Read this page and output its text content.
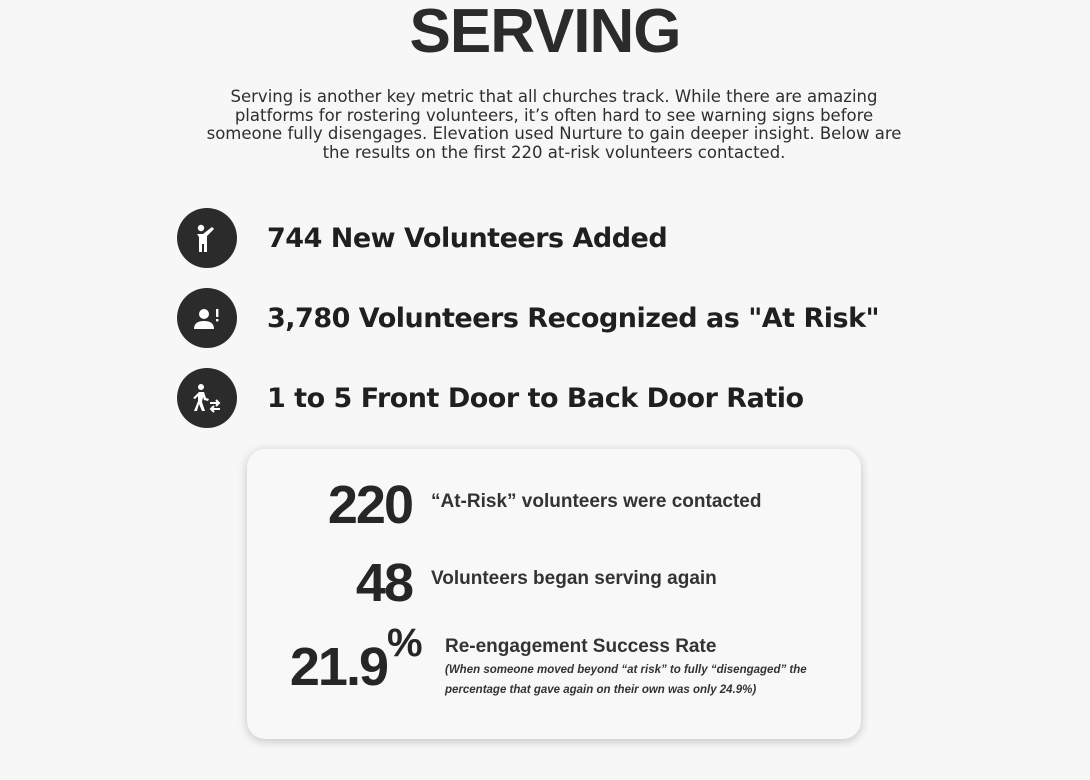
SERVING
Serving is another key metric that all churches track. While there are amazing platforms for rostering volunteers, it’s often hard to see warning signs before someone fully disengages. Elevation used Nurture to gain deeper insight. Below are the results on the first 220 at-risk volunteers contacted.
744 New Volunteers Added
3,780 Volunteers Recognized as "At Risk"
1 to 5 Front Door to Back Door Ratio
220 “At-Risk” volunteers were contacted
48 Volunteers began serving again
21.9 % Re-engagement Success Rate
(When someone moved beyond “at risk” to fully “disengaged” the percentage that gave again on their own was only 24.9%)
